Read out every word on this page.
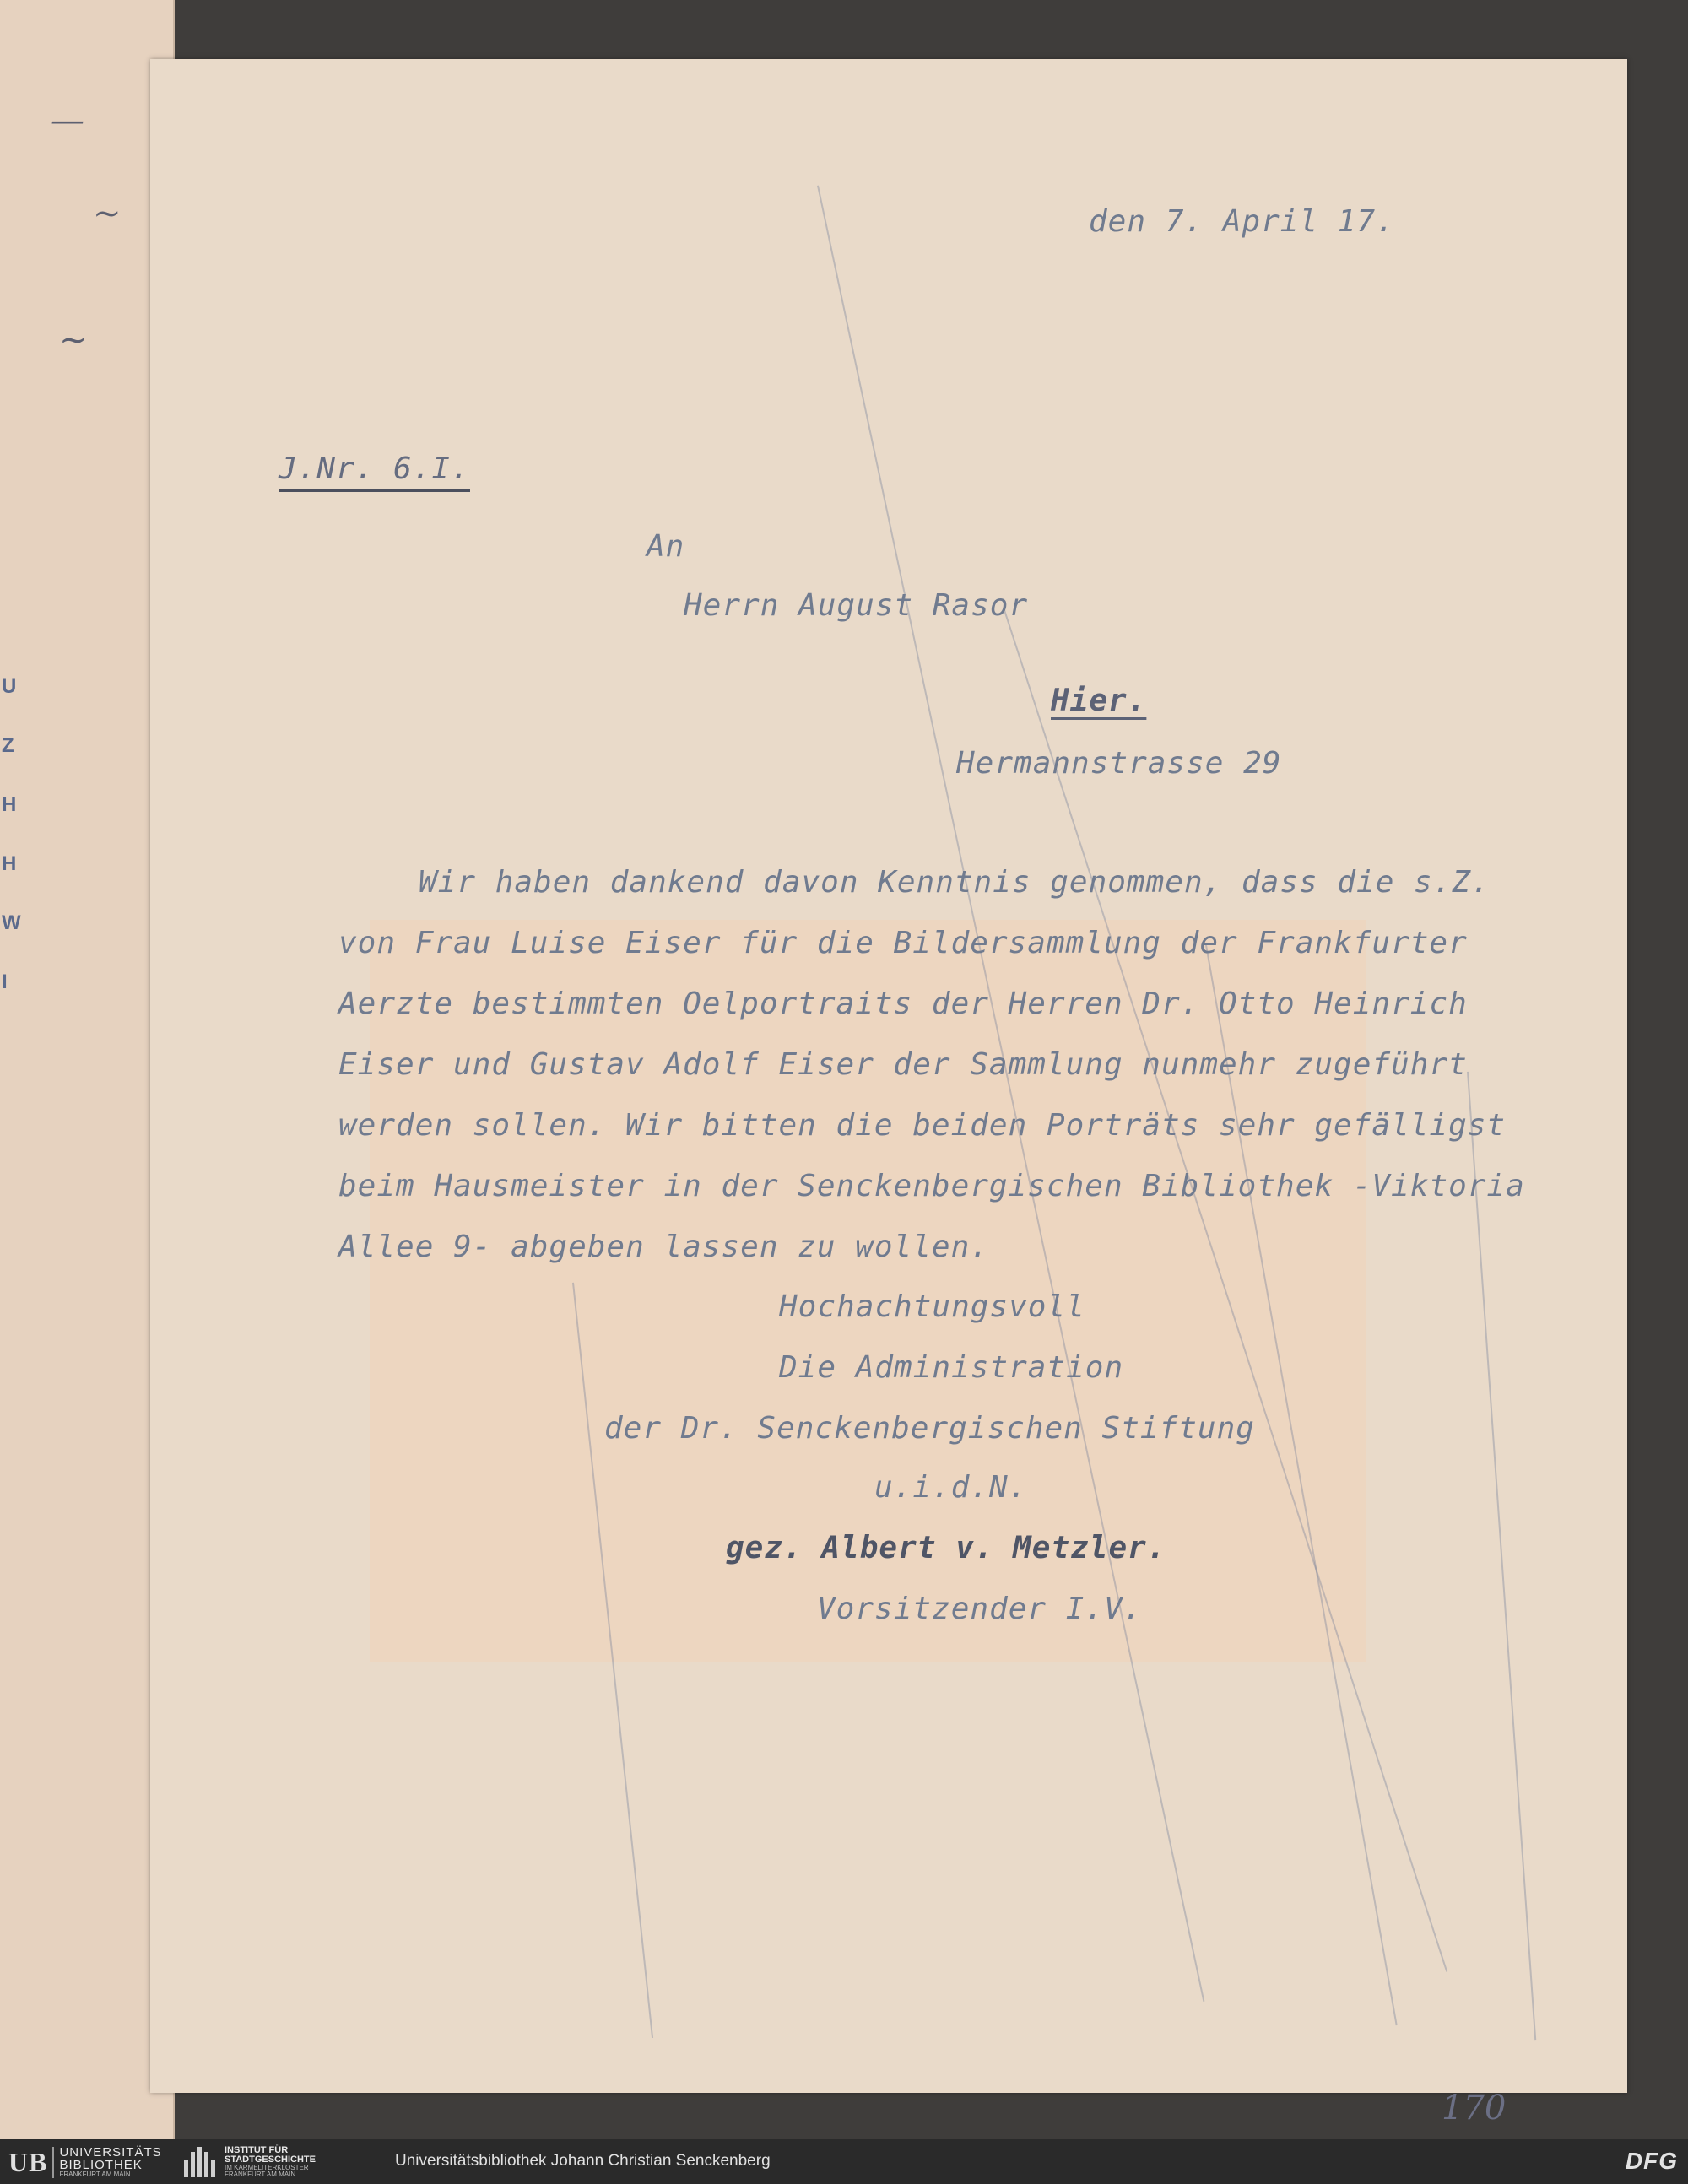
—
~
~
U
Z
H
H
W
I
den 7. April 17.
J.Nr. 6.I.
An
Herrn August Rasor
Hier.
Hermannstrasse 29
Wir haben dankend davon Kenntnis genommen, dass die s.Z.
von Frau Luise Eiser für die Bildersammlung der Frankfurter
Aerzte bestimmten Oelportraits der Herren Dr. Otto Heinrich
Eiser und Gustav Adolf Eiser der Sammlung nunmehr zugeführt
werden sollen. Wir bitten die beiden Porträts sehr gefälligst
beim Hausmeister in der Senckenbergischen Bibliothek -Viktoria
Allee 9- abgeben lassen zu wollen.
Hochachtungsvoll
Die Administration
der Dr. Senckenbergischen Stiftung
u.i.d.N.
gez. Albert v. Metzler.
Vorsitzender I.V.
170
UB UNIVERSITÄTS
BIBLIOTHEK
FRANKFURT AM MAIN
INSTITUT FÜR
STADTGESCHICHTE
IM KARMELITERKLOSTER
FRANKFURT AM MAIN
Universitätsbibliothek Johann Christian Senckenberg	DFG
